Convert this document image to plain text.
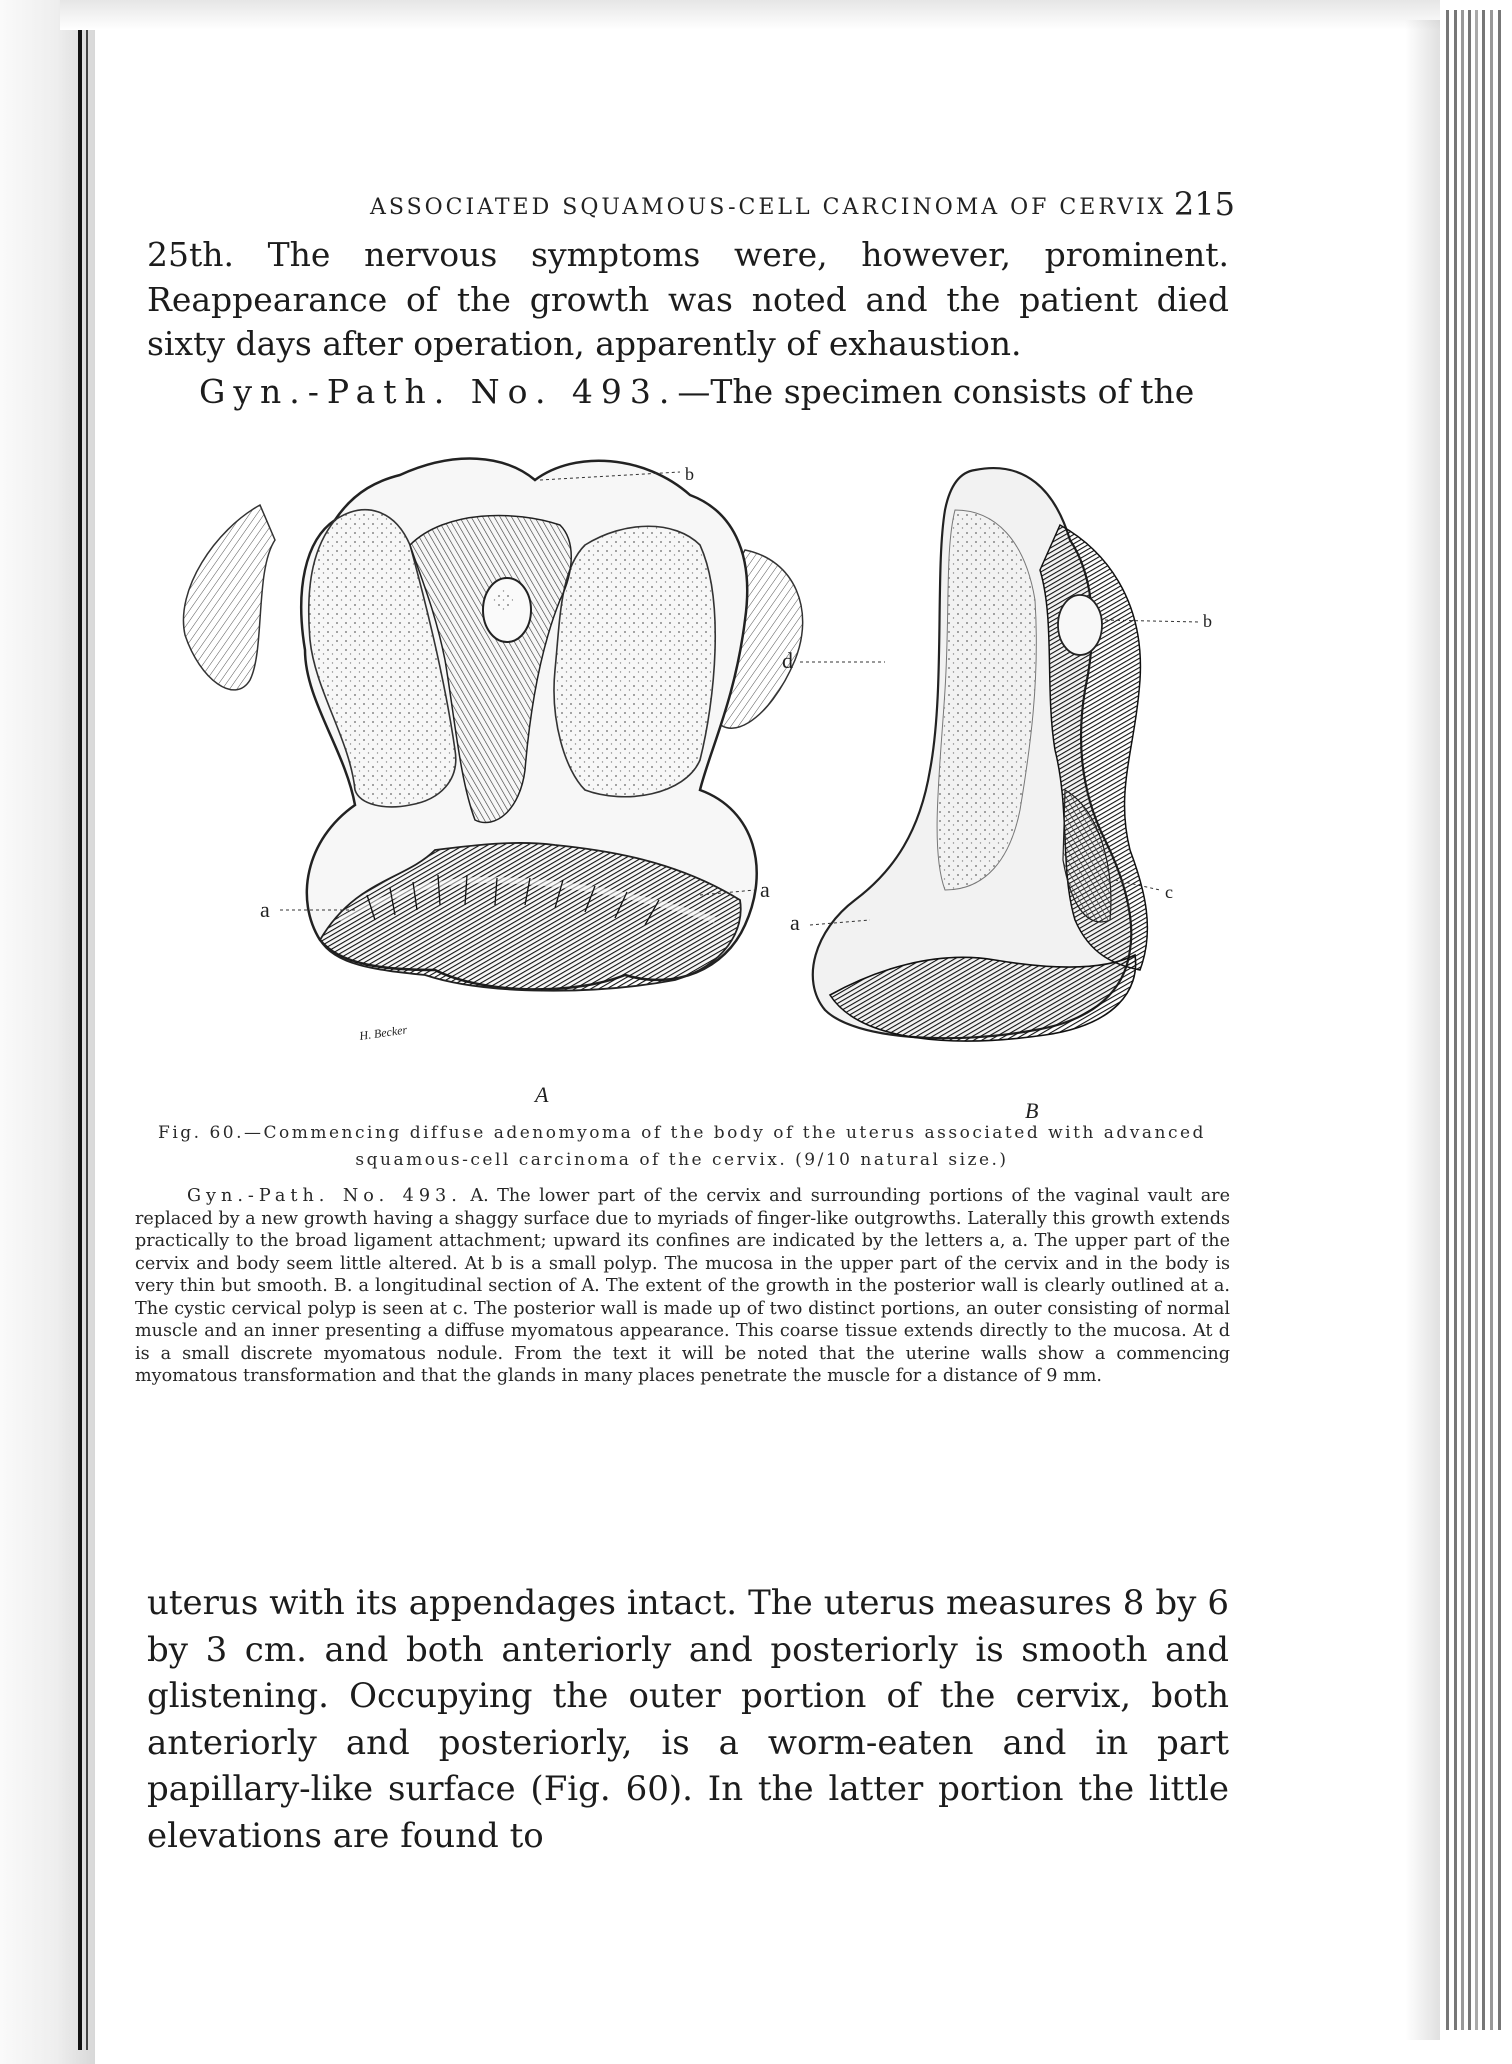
ASSOCIATED SQUAMOUS-CELL CARCINOMA OF CERVIX 215

25th. The nervous symptoms were, however, prominent. Reappearance of the growth was noted and the patient died sixty days after operation, apparently of exhaustion.

Gyn.-Path. No. 493.—The specimen consists of the

b
a
a
H. Becker
A
d
b
c
a
B
Fig. 60.—Commencing diffuse adenomyoma of the body of the uterus associated with advanced squamous-cell carcinoma of the cervix. (9/10 natural size.)

Gyn.-Path. No. 493. A. The lower part of the cervix and surrounding portions of the vaginal vault are replaced by a new growth having a shaggy surface due to myriads of finger-like outgrowths. Laterally this growth extends practically to the broad ligament attachment; upward its confines are indicated by the letters a, a. The upper part of the cervix and body seem little altered. At b is a small polyp. The mucosa in the upper part of the cervix and in the body is very thin but smooth. B. a longitudinal section of A. The extent of the growth in the posterior wall is clearly outlined at a. The cystic cervical polyp is seen at c. The posterior wall is made up of two distinct portions, an outer consisting of normal muscle and an inner presenting a diffuse myomatous appearance. This coarse tissue extends directly to the mucosa. At d is a small discrete myomatous nodule. From the text it will be noted that the uterine walls show a commencing myomatous transformation and that the glands in many places penetrate the muscle for a distance of 9 mm.

uterus with its appendages intact. The uterus measures 8 by 6 by 3 cm. and both anteriorly and posteriorly is smooth and glistening. Occupying the outer portion of the cervix, both anteriorly and posteriorly, is a worm-eaten and in part papillary-like surface (Fig. 60). In the latter portion the little elevations are found to
